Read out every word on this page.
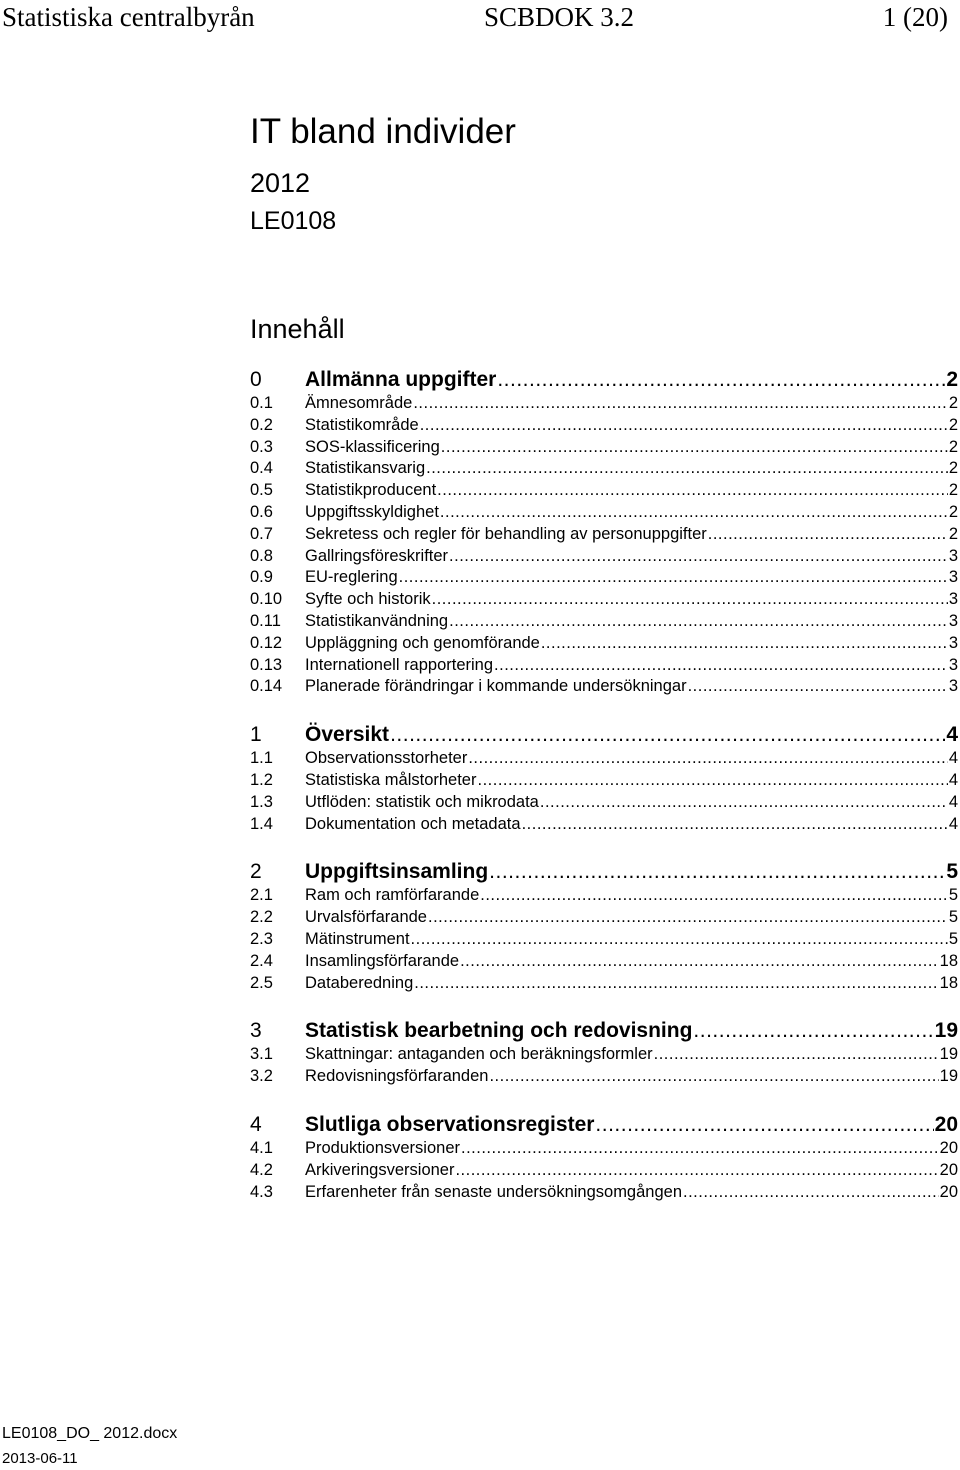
Statistiska centralbyrån	SCBDOK 3.2	1 (20)
IT bland individer
2012
LE0108
Innehåll
0	Allmänna uppgifter .....	2
0.1	Ämnesområde .....	2
0.2	Statistikområde .....	2
0.3	SOS-klassificering .....	2
0.4	Statistikansvarig .....	2
0.5	Statistikproducent .....	2
0.6	Uppgiftsskyldighet .....	2
0.7	Sekretess och regler för behandling av personuppgifter .....	2
0.8	Gallringsföreskrifter .....	3
0.9	EU-reglering .....	3
0.10	Syfte och historik .....	3
0.11	Statistikanvändning .....	3
0.12	Uppläggning och genomförande .....	3
0.13	Internationell rapportering .....	3
0.14	Planerade förändringar i kommande undersökningar .....	3
1	Översikt .....	4
1.1	Observationsstorheter .....	4
1.2	Statistiska målstorheter .....	4
1.3	Utflöden: statistik och mikrodata .....	4
1.4	Dokumentation och metadata .....	4
2	Uppgiftsinsamling .....	5
2.1	Ram och ramförfarande .....	5
2.2	Urvalsförfarande .....	5
2.3	Mätinstrument .....	5
2.4	Insamlingsförfarande .....	18
2.5	Databeredning .....	18
3	Statistisk bearbetning och redovisning .....	19
3.1	Skattningar: antaganden och beräkningsformler .....	19
3.2	Redovisningsförfaranden .....	19
4	Slutliga observationsregister .....	20
4.1	Produktionsversioner .....	20
4.2	Arkiveringsversioner .....	20
4.3	Erfarenheter från senaste undersökningsomgången .....	20
LE0108_DO_ 2012.docx
2013-06-11
